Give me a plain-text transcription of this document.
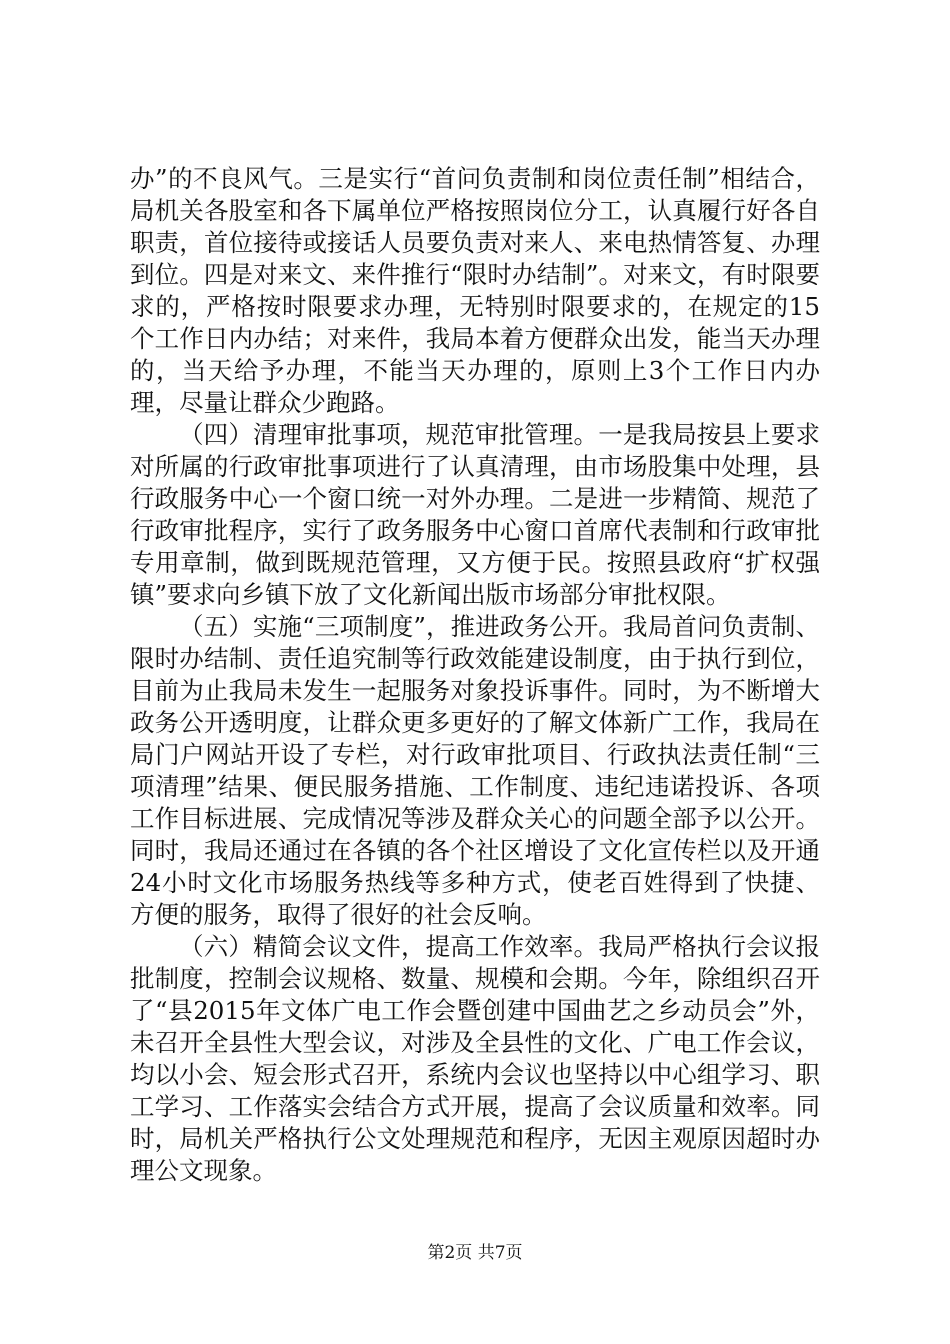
办”的不良风气。三是实行“首问负责制和岗位责任制”相结合，局机关各股室和各下属单位严格按照岗位分工，认真履行好各自职责，首位接待或接话人员要负责对来人、来电热情答复、办理到位。四是对来文、来件推行“限时办结制”。对来文，有时限要求的，严格按时限要求办理，无特别时限要求的，在规定的15个工作日内办结；对来件，我局本着方便群众出发，能当天办理的，当天给予办理，不能当天办理的，原则上3个工作日内办理，尽量让群众少跑路。

（四）清理审批事项，规范审批管理。一是我局按县上要求对所属的行政审批事项进行了认真清理，由市场股集中处理，县行政服务中心一个窗口统一对外办理。二是进一步精简、规范了行政审批程序，实行了政务服务中心窗口首席代表制和行政审批专用章制，做到既规范管理，又方便于民。按照县政府“扩权强镇”要求向乡镇下放了文化新闻出版市场部分审批权限。

（五）实施“三项制度”，推进政务公开。我局首问负责制、限时办结制、责任追究制等行政效能建设制度，由于执行到位，目前为止我局未发生一起服务对象投诉事件。同时，为不断增大政务公开透明度，让群众更多更好的了解文体新广工作，我局在局门户网站开设了专栏，对行政审批项目、行政执法责任制“三项清理”结果、便民服务措施、工作制度、违纪违诺投诉、各项工作目标进展、完成情况等涉及群众关心的问题全部予以公开。同时，我局还通过在各镇的各个社区增设了文化宣传栏以及开通24小时文化市场服务热线等多种方式，使老百姓得到了快捷、方便的服务，取得了很好的社会反响。

（六）精简会议文件，提高工作效率。我局严格执行会议报批制度，控制会议规格、数量、规模和会期。今年，除组织召开了“县2015年文体广电工作会暨创建中国曲艺之乡动员会”外，未召开全县性大型会议，对涉及全县性的文化、广电工作会议，均以小会、短会形式召开，系统内会议也坚持以中心组学习、职工学习、工作落实会结合方式开展，提高了会议质量和效率。同时，局机关严格执行公文处理规范和程序，无因主观原因超时办理公文现象。

第2页 共7页
